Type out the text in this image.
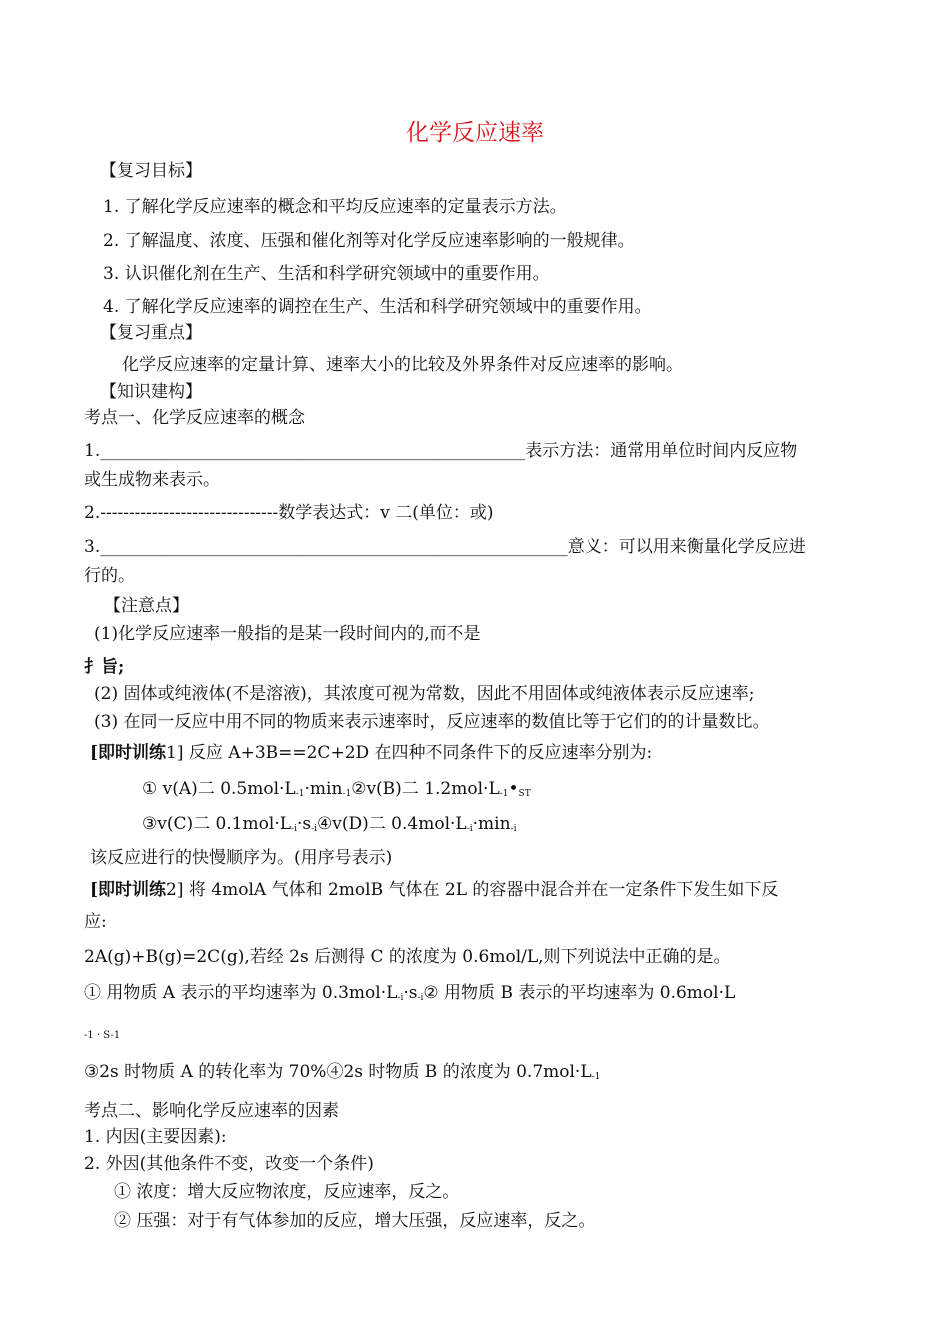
化学反应速率
【复习目标】
1. 了解化学反应速率的概念和平均反应速率的定量表示方法。
2. 了解温度、浓度、压强和催化剂等对化学反应速率影响的一般规律。
3. 认识催化剂在生产、生活和科学研究领域中的重要作用。
4. 了解化学反应速率的调控在生产、生活和科学研究领域中的重要作用。
【复习重点】
化学反应速率的定量计算、速率大小的比较及外界条件对反应速率的影响。
【知识建构】
考点一、化学反应速率的概念
1.__________________________________________________表示方法：通常用单位时间内反应物
或生成物来表示。
2.-------------------------------数学表达式：v 二(单位：或)
3._______________________________________________________意义：可以用来衡量化学反应进
行的。
【注意点】
(1)化学反应速率一般指的是某一段时间内的,而不是
扌旨;
(2) 固体或纯液体(不是溶液)，其浓度可视为常数，因此不用固体或纯液体表示反应速率;
(3) 在同一反应中用不同的物质来表示速率时，反应速率的数值比等于它们的的计量数比。
[即时训练1] 反应 A+3B==2C+2D 在四种不同条件下的反应速率分别为:
① v(A)二 $0.5mol\cdot L_{-1}\cdot\min_{-1}②v(B)$二 $1.2mol\cdot L_{-1}•_{ST}$
③v(C)二 $0.1mol\cdot L_{-i}\cdot s_{-i}④v(D)$二 $0.4mol\cdot L_{-i}\cdot\min_{-i}$
该反应进行的快慢顺序为。(用序号表示)
[即时训练2] 将 4molA 气体和 2molB 气体在 2L 的容器中混合并在一定条件下发生如下反
应:
2A(g)+B(g)=2C(g),若经 2s 后测得 C 的浓度为 0.6mol/L,则下列说法中正确的是。
① 用物质 A 表示的平均速率为 $0.3mol\cdot L_{-i}\cdot s_{-i}②$ 用物质 B 表示的平均速率为 0.6mol·L
-1 · S-1
③2s 时物质 A 的转化率为 70%④2s 时物质 B 的浓度为 $0.7mol\cdot L_{-1}$
考点二、影响化学反应速率的因素
1. 内因(主要因素):
2. 外因(其他条件不变，改变一个条件)
① 浓度：增大反应物浓度，反应速率，反之。
② 压强：对于有气体参加的反应，增大压强，反应速率，反之。
